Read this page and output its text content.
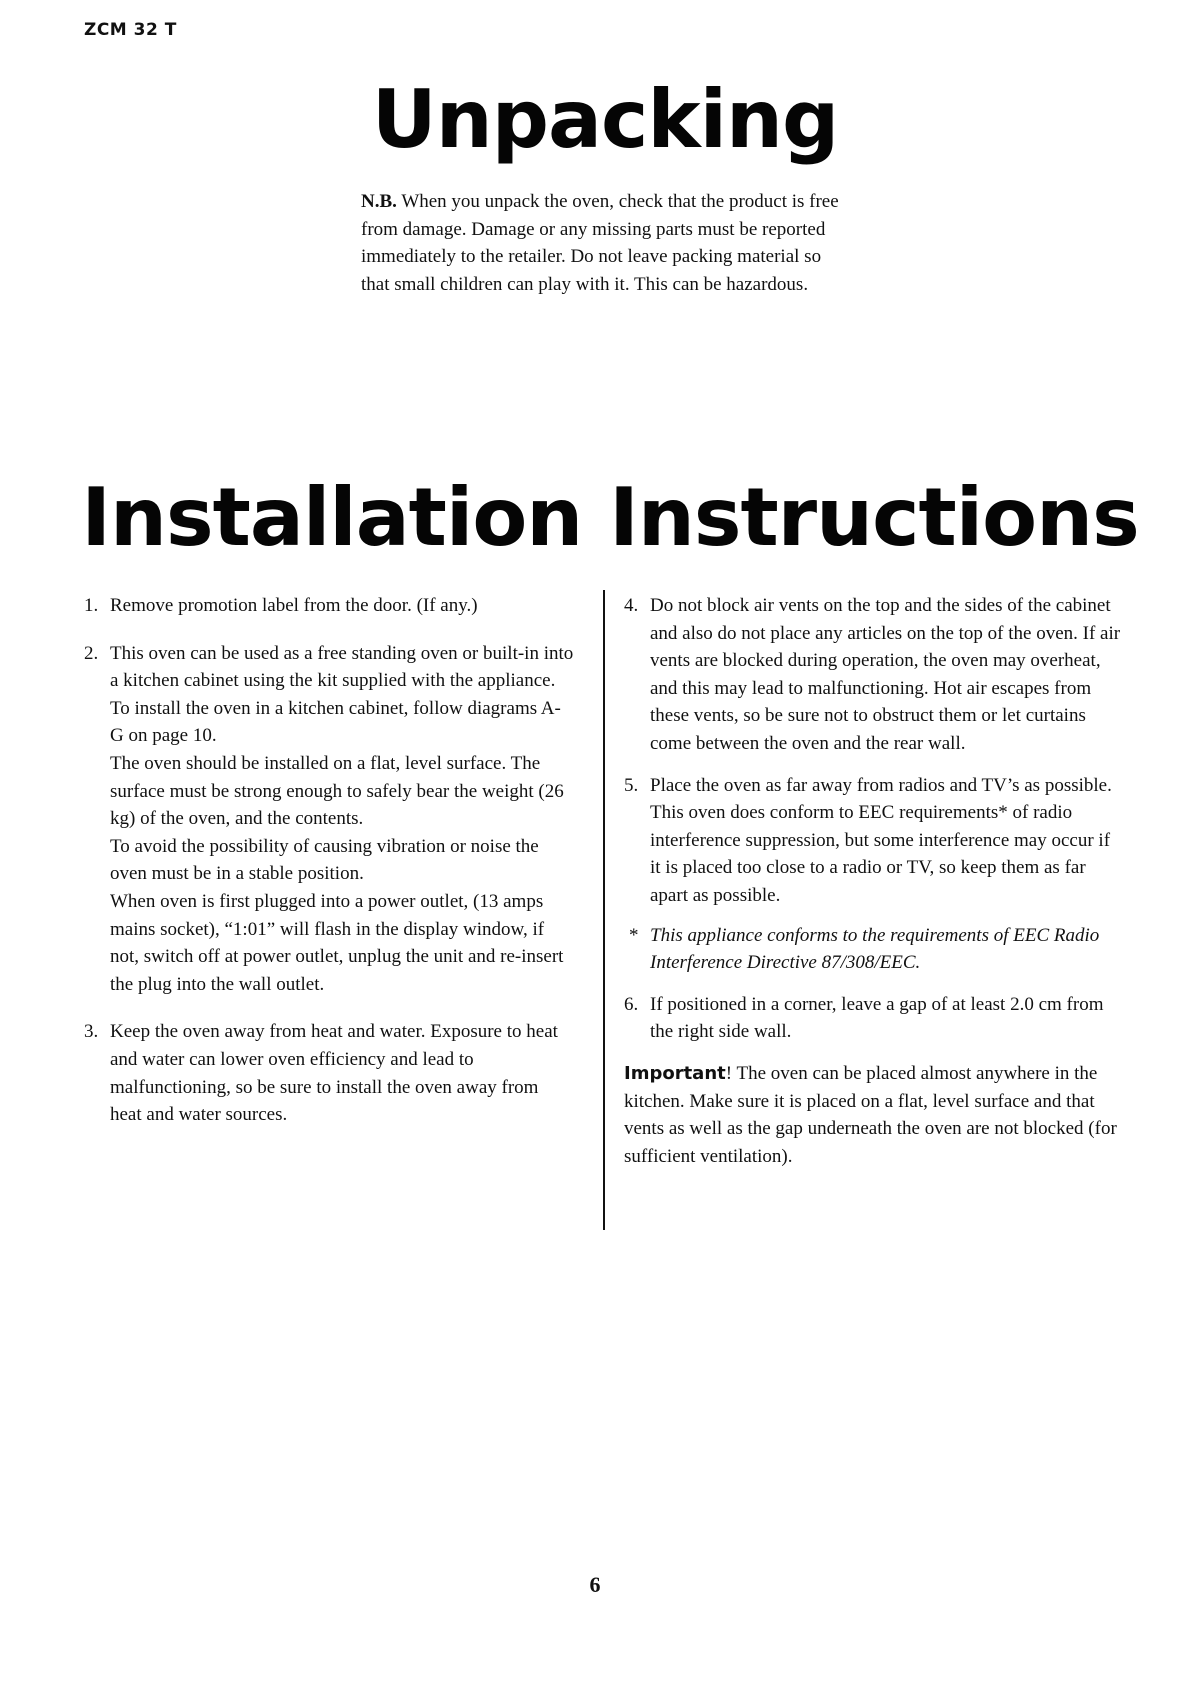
ZCM 32 T
Unpacking

N.B. When you unpack the oven, check that the product is free from damage. Damage or any missing parts must be reported immediately to the retailer. Do not leave packing material so that small children can play with it. This can be hazardous.

Installation Instructions
1. Remove promotion label from the door. (If any.)

2. This oven can be used as a free standing oven or built-in into a kitchen cabinet using the kit supplied with the appliance. To install the oven in a kitchen cabinet, follow diagrams A-G on page 10.

The oven should be installed on a flat, level surface. The surface must be strong enough to safely bear the weight (26 kg) of the oven, and the contents.

To avoid the possibility of causing vibration or noise the oven must be in a stable position.

When oven is first plugged into a power outlet, (13 amps mains socket), “1:01” will flash in the display window, if not, switch off at power outlet, unplug the unit and re-insert the plug into the wall outlet.

3. Keep the oven away from heat and water. Exposure to heat and water can lower oven efficiency and lead to malfunctioning, so be sure to install the oven away from heat and water sources.

4. Do not block air vents on the top and the sides of the cabinet and also do not place any articles on the top of the oven. If air vents are blocked during operation, the oven may overheat, and this may lead to malfunctioning. Hot air escapes from these vents, so be sure not to obstruct them or let curtains come between the oven and the rear wall.

5. Place the oven as far away from radios and TV’s as possible. This oven does conform to EEC requirements* of radio interference suppression, but some interference may occur if it is placed too close to a radio or TV, so keep them as far apart as possible.

* This appliance conforms to the requirements of EEC Radio Interference Directive 87/308/EEC.
6. If positioned in a corner, leave a gap of at least 2.0 cm from the right side wall.

Important! The oven can be placed almost anywhere in the kitchen. Make sure it is placed on a flat, level surface and that vents as well as the gap underneath the oven are not blocked (for sufficient ventilation).

6
